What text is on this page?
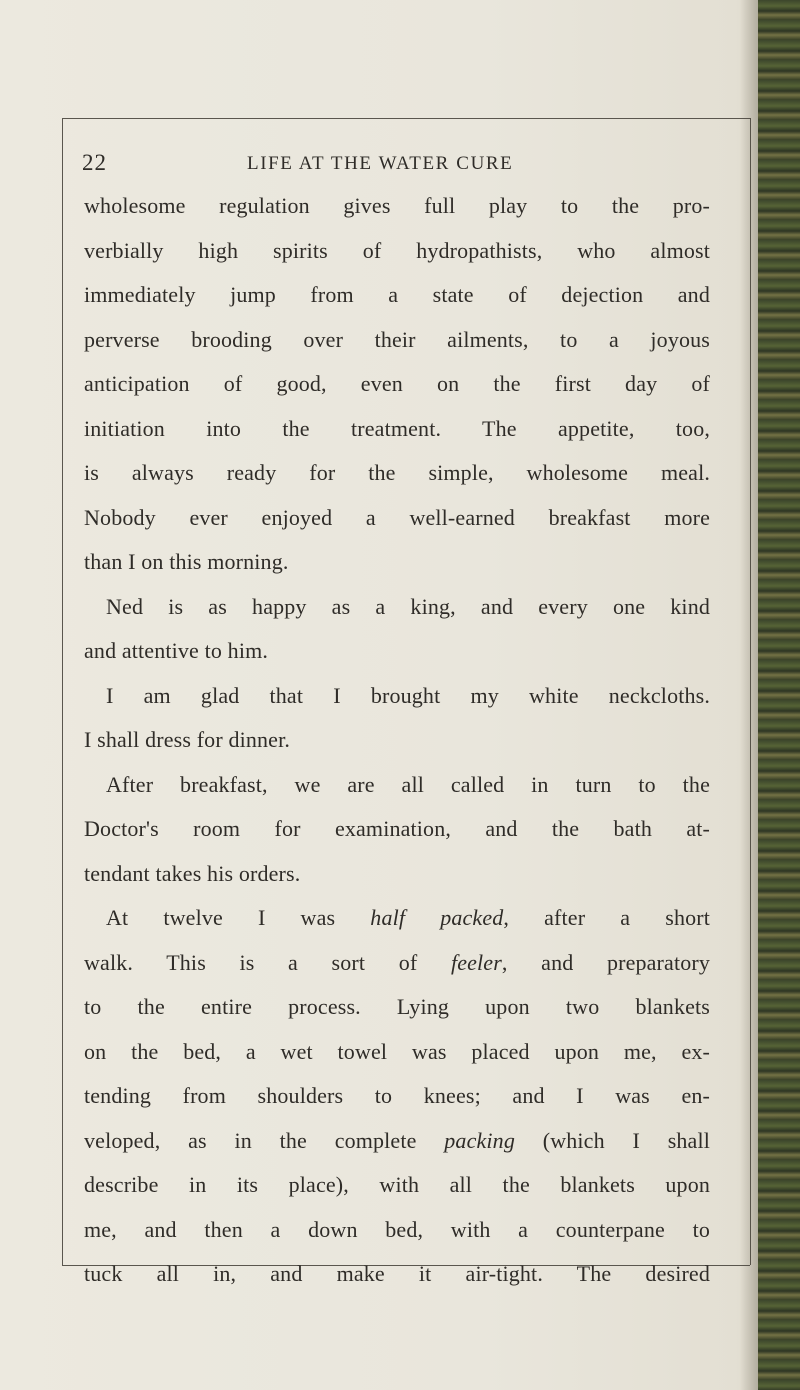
22	LIFE AT THE WATER CURE
wholesome regulation gives full play to the pro-
verbially high spirits of hydropathists, who almost
immediately jump from a state of dejection and
perverse brooding over their ailments, to a joyous
anticipation of good, even on the first day of
initiation into the treatment. The appetite, too,
is always ready for the simple, wholesome meal.
Nobody ever enjoyed a well-earned breakfast more
than I on this morning.
Ned is as happy as a king, and every one kind
and attentive to him.
I am glad that I brought my white neckcloths.
I shall dress for dinner.
After breakfast, we are all called in turn to the
Doctor's room for examination, and the bath at-
tendant takes his orders.
At twelve I was half packed, after a short
walk. This is a sort of feeler, and preparatory
to the entire process. Lying upon two blankets
on the bed, a wet towel was placed upon me, ex-
tending from shoulders to knees; and I was en-
veloped, as in the complete packing (which I shall
describe in its place), with all the blankets upon
me, and then a down bed, with a counterpane to
tuck all in, and make it air-tight. The desired
